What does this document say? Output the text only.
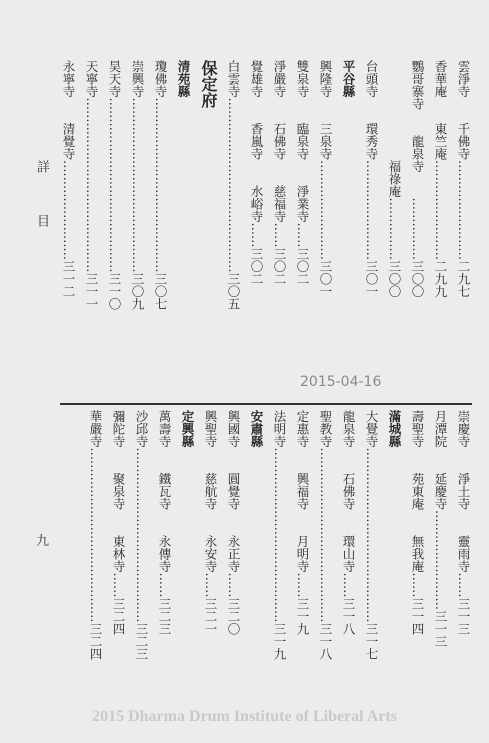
詳　目
九
雲淨寺　　千佛寺……………………二九七
香華庵　　東竺庵……………………二九九
鸚哥寨寺　　龍泉寺　　……………三〇〇
　　　　　　　　福祿庵……………三〇〇
台頭寺　　環秀寺……………………三〇一
平谷縣
興隆寺　　三泉寺……………………三〇一
雙泉寺　　臨泉寺　　淨業寺……三〇二
淨嚴寺　　石佛寺　　慈福寺……三〇二
覺雄寺　　香嵐寺　　水峪寺……三〇二
白雲寺……………………………………三〇五
保定府
清苑縣
瓊佛寺……………………………………三〇七
崇興寺……………………………………三〇九
昊天寺……………………………………三一〇
天寧寺……………………………………三一一
永寧寺　　清覺寺……………………三一二
2015-04-16
崇慶寺　　淨土寺　　靈雨寺……三一三
月潭院　　延慶寺……………………三一三
壽聖寺　　苑東庵　　無我庵……三一四
滿城縣
大覺寺……………………………………三一七
龍泉寺　　石佛寺　　環山寺……三一八
聖教寺……………………………………三一八
定惠寺　　興福寺　　月明寺……三一九
法明寺……………………………………三一九
安肅縣
興國寺　　圓覺寺　　永正寺……三二〇
興聖寺　　慈航寺　　永安寺……三二一
定興縣
萬壽寺　　鐵瓦寺　　永傳寺……三二三
沙邱寺……………………………………三二三
彌陀寺　　聚泉寺　　東林寺……三二四
華嚴寺……………………………………三二四
2015 Dharma Drum Institute of Liberal Arts
